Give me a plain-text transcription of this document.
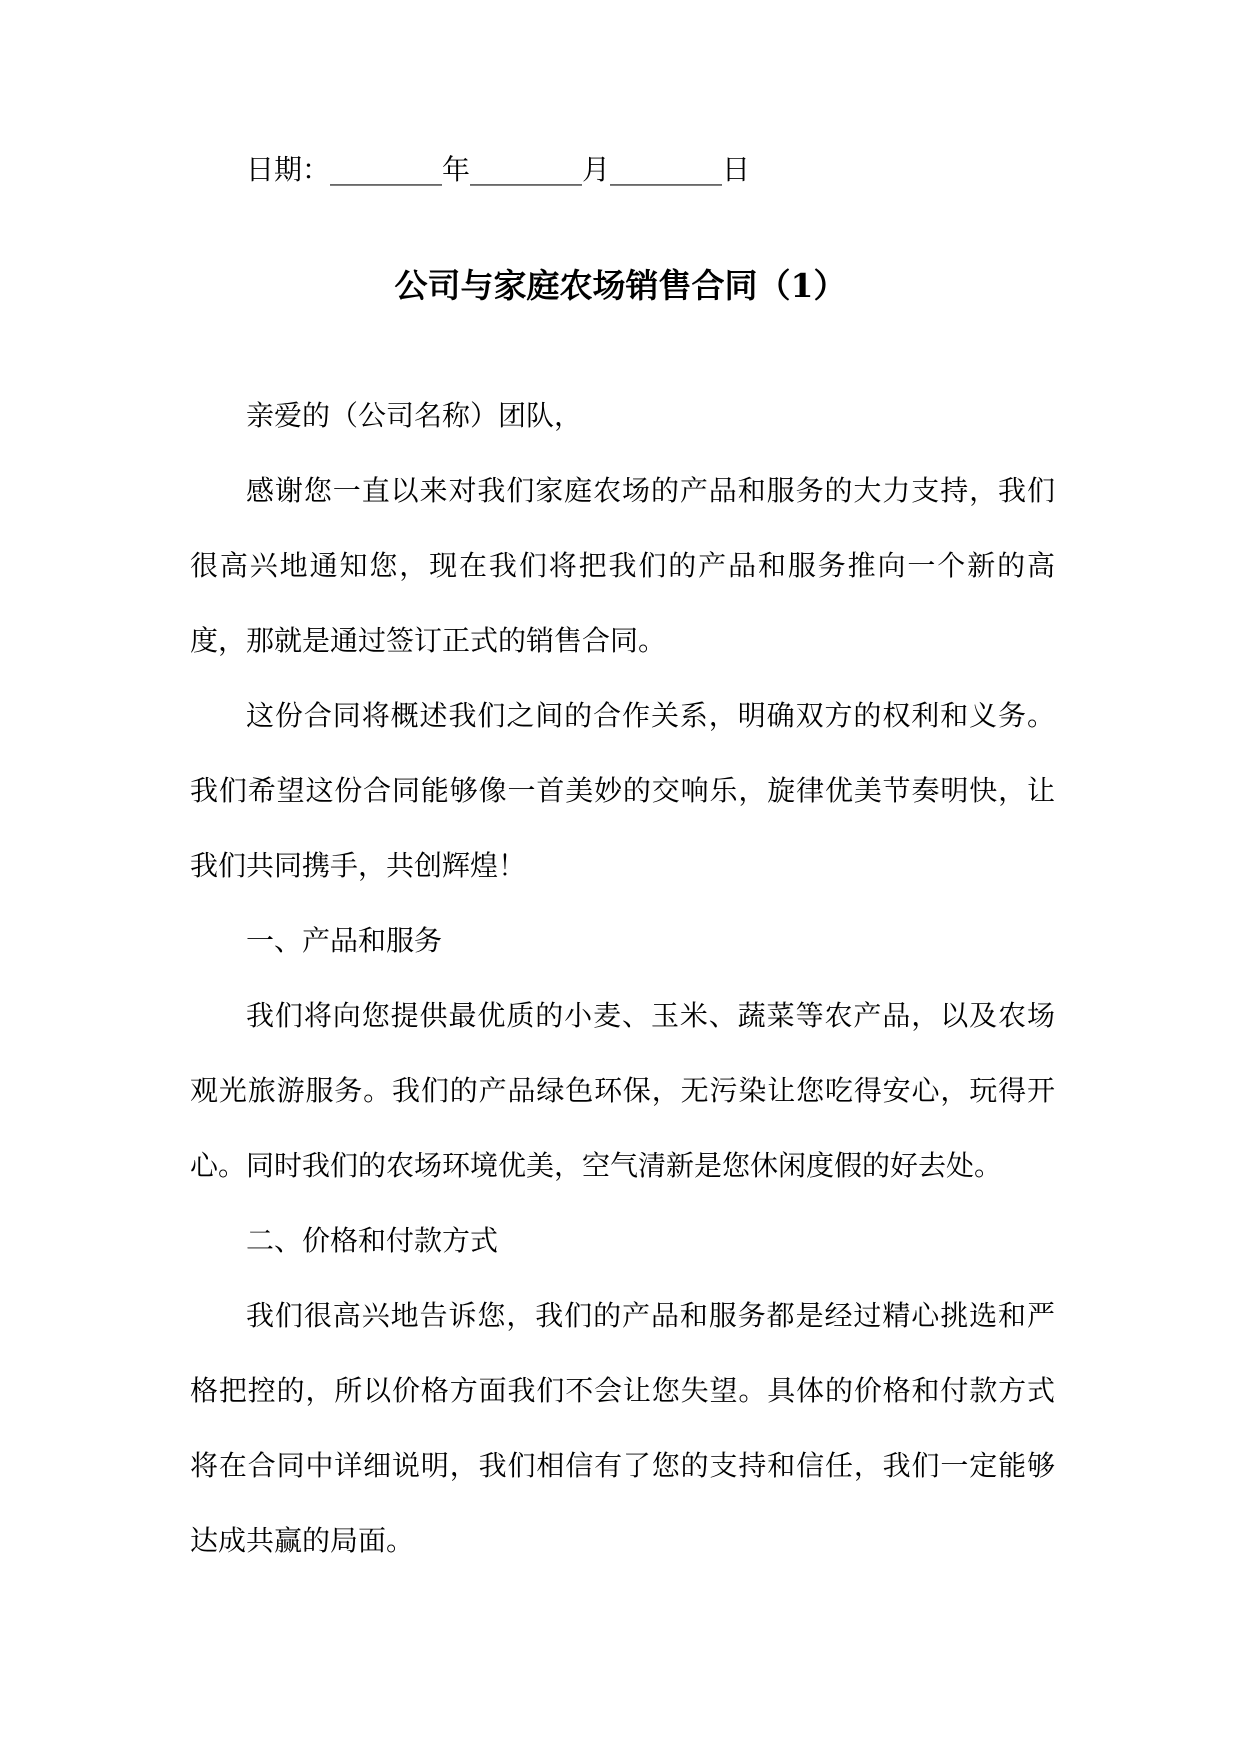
日期：________年________月________日
公司与家庭农场销售合同（1）

亲爱的（公司名称）团队，

感谢您一直以来对我们家庭农场的产品和服务的大力支持，我们很高兴地通知您，现在我们将把我们的产品和服务推向一个新的高度，那就是通过签订正式的销售合同。

这份合同将概述我们之间的合作关系，明确双方的权利和义务。我们希望这份合同能够像一首美妙的交响乐，旋律优美节奏明快，让我们共同携手，共创辉煌！

一、产品和服务

我们将向您提供最优质的小麦、玉米、蔬菜等农产品，以及农场观光旅游服务。我们的产品绿色环保，无污染让您吃得安心，玩得开心。同时我们的农场环境优美，空气清新是您休闲度假的好去处。

二、价格和付款方式

我们很高兴地告诉您，我们的产品和服务都是经过精心挑选和严格把控的，所以价格方面我们不会让您失望。具体的价格和付款方式将在合同中详细说明，我们相信有了您的支持和信任，我们一定能够达成共赢的局面。
